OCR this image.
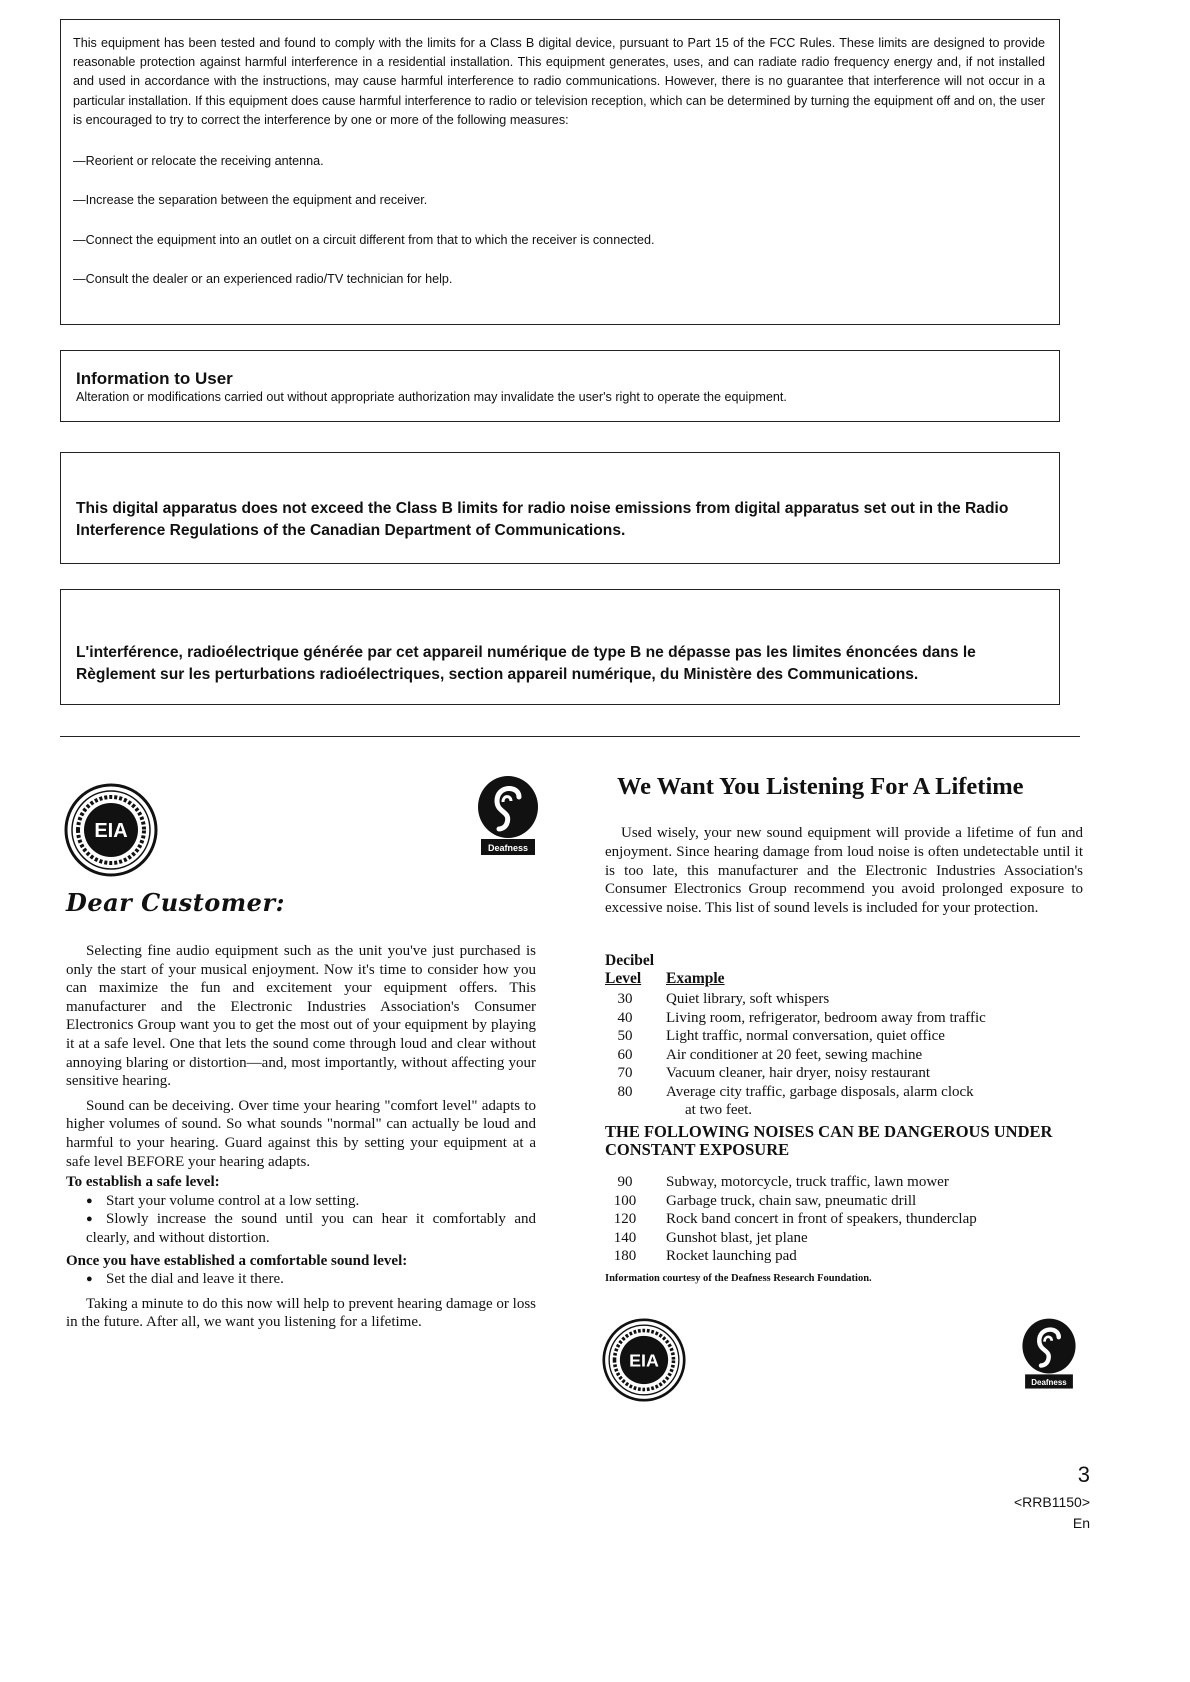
This equipment has been tested and found to comply with the limits for a Class B digital device, pursuant to Part 15 of the FCC Rules. These limits are designed to provide reasonable protection against harmful interference in a residential installation. This equipment generates, uses, and can radiate radio frequency energy and, if not installed and used in accordance with the instructions, may cause harmful interference to radio communications. However, there is no guarantee that interference will not occur in a particular installation. If this equipment does cause harmful interference to radio or television reception, which can be determined by turning the equipment off and on, the user is encouraged to try to correct the interference by one or more of the following measures:

—Reorient or relocate the receiving antenna.
—Increase the separation between the equipment and receiver.
—Connect the equipment into an outlet on a circuit different from that to which the receiver is connected.
—Consult the dealer or an experienced radio/TV technician for help.
Information to User
Alteration or modifications carried out without appropriate authorization may invalidate the user's right to operate the equipment.

This digital apparatus does not exceed the Class B limits for radio noise emissions from digital apparatus set out in the Radio Interference Regulations of the Canadian Department of Communications.

L'interférence, radioélectrique générée par cet appareil numérique de type B ne dépasse pas les limites énoncées dans le Règlement sur les perturbations radioélectriques, section appareil numérique, du Ministère des Communications.

EIA
Deafness
Dear Customer:

Selecting fine audio equipment such as the unit you've just purchased is only the start of your musical enjoyment. Now it's time to consider how you can maximize the fun and excitement your equipment offers. This manufacturer and the Electronic Industries Association's Consumer Electronics Group want you to get the most out of your equipment by playing it at a safe level. One that lets the sound come through loud and clear without annoying blaring or distortion—and, most importantly, without affecting your sensitive hearing.

Sound can be deceiving. Over time your hearing "comfort level" adapts to higher volumes of sound. So what sounds "normal" can actually be loud and harmful to your hearing. Guard against this by setting your equipment at a safe level BEFORE your hearing adapts.

To establish a safe level:

● Start your volume control at a low setting.

● Slowly increase the sound until you can hear it comfortably and clearly, and without distortion.

Once you have established a comfortable sound level:

● Set the dial and leave it there.

Taking a minute to do this now will help to prevent hearing damage or loss in the future. After all, we want you listening for a lifetime.

We Want You Listening For A Lifetime

Used wisely, your new sound equipment will provide a lifetime of fun and enjoyment. Since hearing damage from loud noise is often undetectable until it is too late, this manufacturer and the Electronic Industries Association's Consumer Electronics Group recommend you avoid prolonged exposure to excessive noise. This list of sound levels is included for your protection.

Decibel
Level Example
30	Quiet library, soft whispers
40	Living room, refrigerator, bedroom away from traffic
50	Light traffic, normal conversation, quiet office
60	Air conditioner at 20 feet, sewing machine
70	Vacuum cleaner, hair dryer, noisy restaurant
80	Average city traffic, garbage disposals, alarm clock
at two feet.
THE FOLLOWING NOISES CAN BE DANGEROUS UNDER CONSTANT EXPOSURE
90	Subway, motorcycle, truck traffic, lawn mower
100	Garbage truck, chain saw, pneumatic drill
120	Rock band concert in front of speakers, thunderclap
140	Gunshot blast, jet plane
180	Rocket launching pad
Information courtesy of the Deafness Research Foundation.
EIA
Deafness
3
<RRB1150>
En
